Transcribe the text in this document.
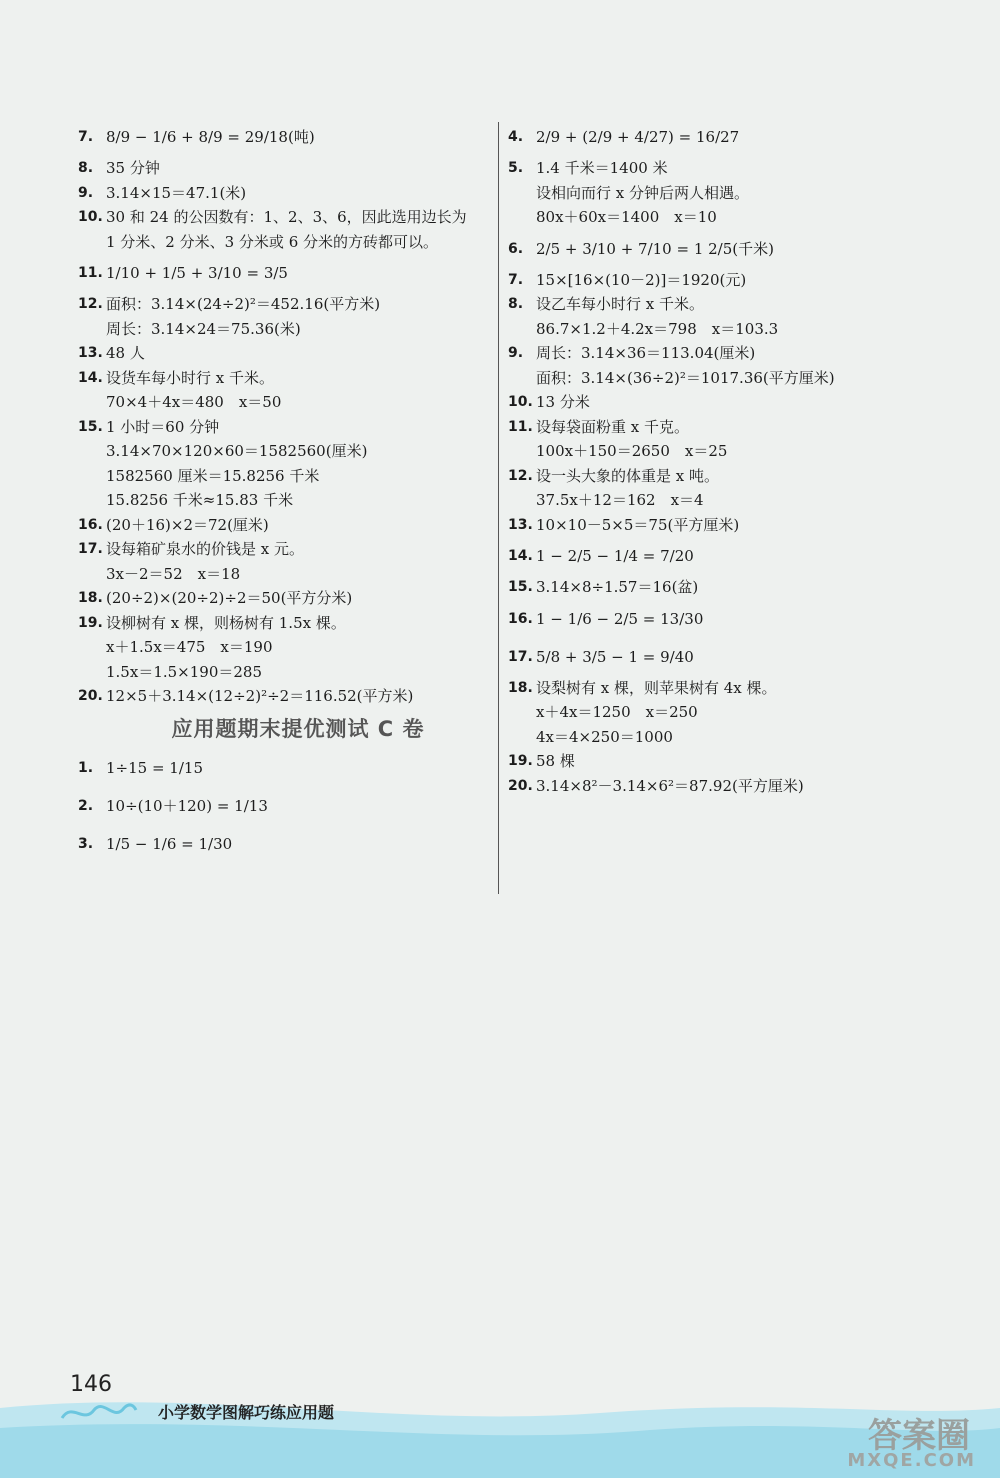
7. 8/9 − 1/6 + 8/9 = 29/18(吨)
8. 35 分钟
9. 3.14×15＝47.1(米)
10. 30 和 24 的公因数有：1、2、3、6，因此选用边长为
1 分米、2 分米、3 分米或 6 分米的方砖都可以。
11. 1/10 + 1/5 + 3/10 = 3/5
12. 面积：3.14×(24÷2)²＝452.16(平方米)
周长：3.14×24＝75.36(米)
13. 48 人
14. 设货车每小时行 x 千米。
70×4＋4x＝480　x＝50
15. 1 小时＝60 分钟
3.14×70×120×60＝1582560(厘米)
1582560 厘米＝15.8256 千米
15.8256 千米≈15.83 千米
16. (20＋16)×2＝72(厘米)
17. 设每箱矿泉水的价钱是 x 元。
3x－2＝52　x＝18
18. (20÷2)×(20÷2)÷2＝50(平方分米)
19. 设柳树有 x 棵，则杨树有 1.5x 棵。
x＋1.5x＝475　x＝190
1.5x＝1.5×190＝285
20. 12×5＋3.14×(12÷2)²÷2＝116.52(平方米)
应用题期末提优测试 C 卷
1. 1÷15 = 1/15
2. 10÷(10＋120) = 1/13
3. 1/5 − 1/6 = 1/30
4. 2/9 + (2/9 + 4/27) = 16/27
5. 1.4 千米＝1400 米
设相向而行 x 分钟后两人相遇。
80x＋60x＝1400　x＝10
6. 2/5 + 3/10 + 7/10 = 1 2/5(千米)
7. 15×[16×(10－2)]＝1920(元)
8. 设乙车每小时行 x 千米。
86.7×1.2＋4.2x＝798　x＝103.3
9. 周长：3.14×36＝113.04(厘米)
面积：3.14×(36÷2)²＝1017.36(平方厘米)
10. 13 分米
11. 设每袋面粉重 x 千克。
100x＋150＝2650　x＝25
12. 设一头大象的体重是 x 吨。
37.5x＋12＝162　x＝4
13. 10×10－5×5＝75(平方厘米)
14. 1 − 2/5 − 1/4 = 7/20
15. 3.14×8÷1.57＝16(盆)
16. 1 − 1/6 − 2/5 = 13/30
17. 5/8 + 3/5 − 1 = 9/40
18. 设梨树有 x 棵，则苹果树有 4x 棵。
x＋4x＝1250　x＝250
4x＝4×250＝1000
19. 58 棵
20. 3.14×8²－3.14×6²＝87.92(平方厘米)
146
小学数学图解巧练应用题
答案圈
MXQE.COM
